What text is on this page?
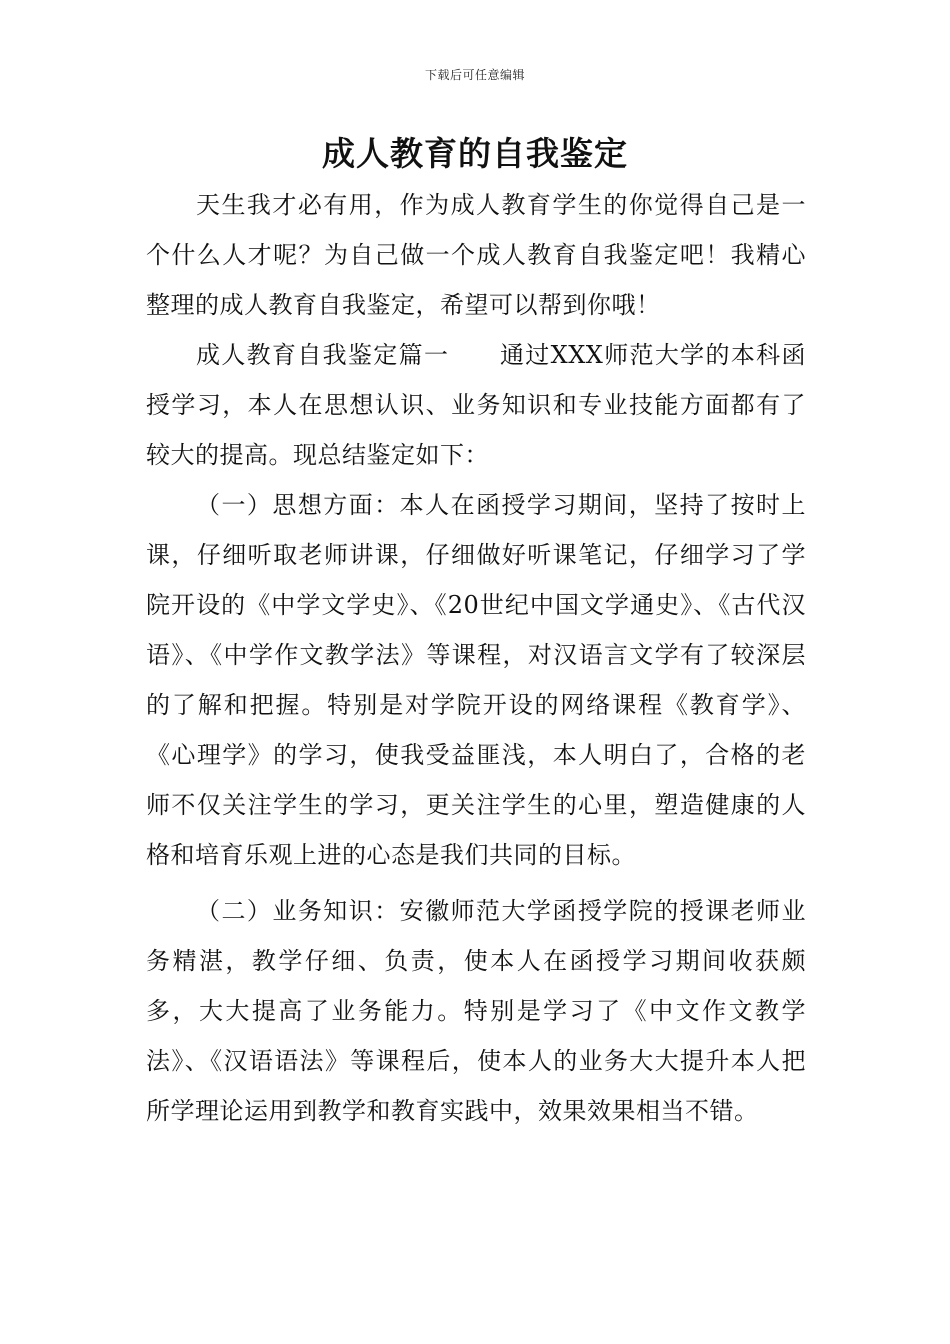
下载后可任意编辑
成人教育的自我鉴定

天生我才必有用，作为成人教育学生的你觉得自己是一个什么人才呢？为自己做一个成人教育自我鉴定吧！我精心整理的成人教育自我鉴定，希望可以帮到你哦！

成人教育自我鉴定篇一　　通过XXX师范大学的本科函授学习，本人在思想认识、业务知识和专业技能方面都有了较大的提高。现总结鉴定如下：

（一）思想方面：本人在函授学习期间，坚持了按时上课，仔细听取老师讲课，仔细做好听课笔记，仔细学习了学院开设的《中学文学史》、《20世纪中国文学通史》、《古代汉语》、《中学作文教学法》等课程，对汉语言文学有了较深层的了解和把握。特别是对学院开设的网络课程《教育学》、《心理学》的学习，使我受益匪浅，本人明白了，合格的老师不仅关注学生的学习，更关注学生的心里，塑造健康的人格和培育乐观上进的心态是我们共同的目标。

（二）业务知识：安徽师范大学函授学院的授课老师业务精湛，教学仔细、负责，使本人在函授学习期间收获颇多，大大提高了业务能力。特别是学习了《中文作文教学法》、《汉语语法》等课程后，使本人的业务大大提升本人把所学理论运用到教学和教育实践中，效果效果相当不错。
